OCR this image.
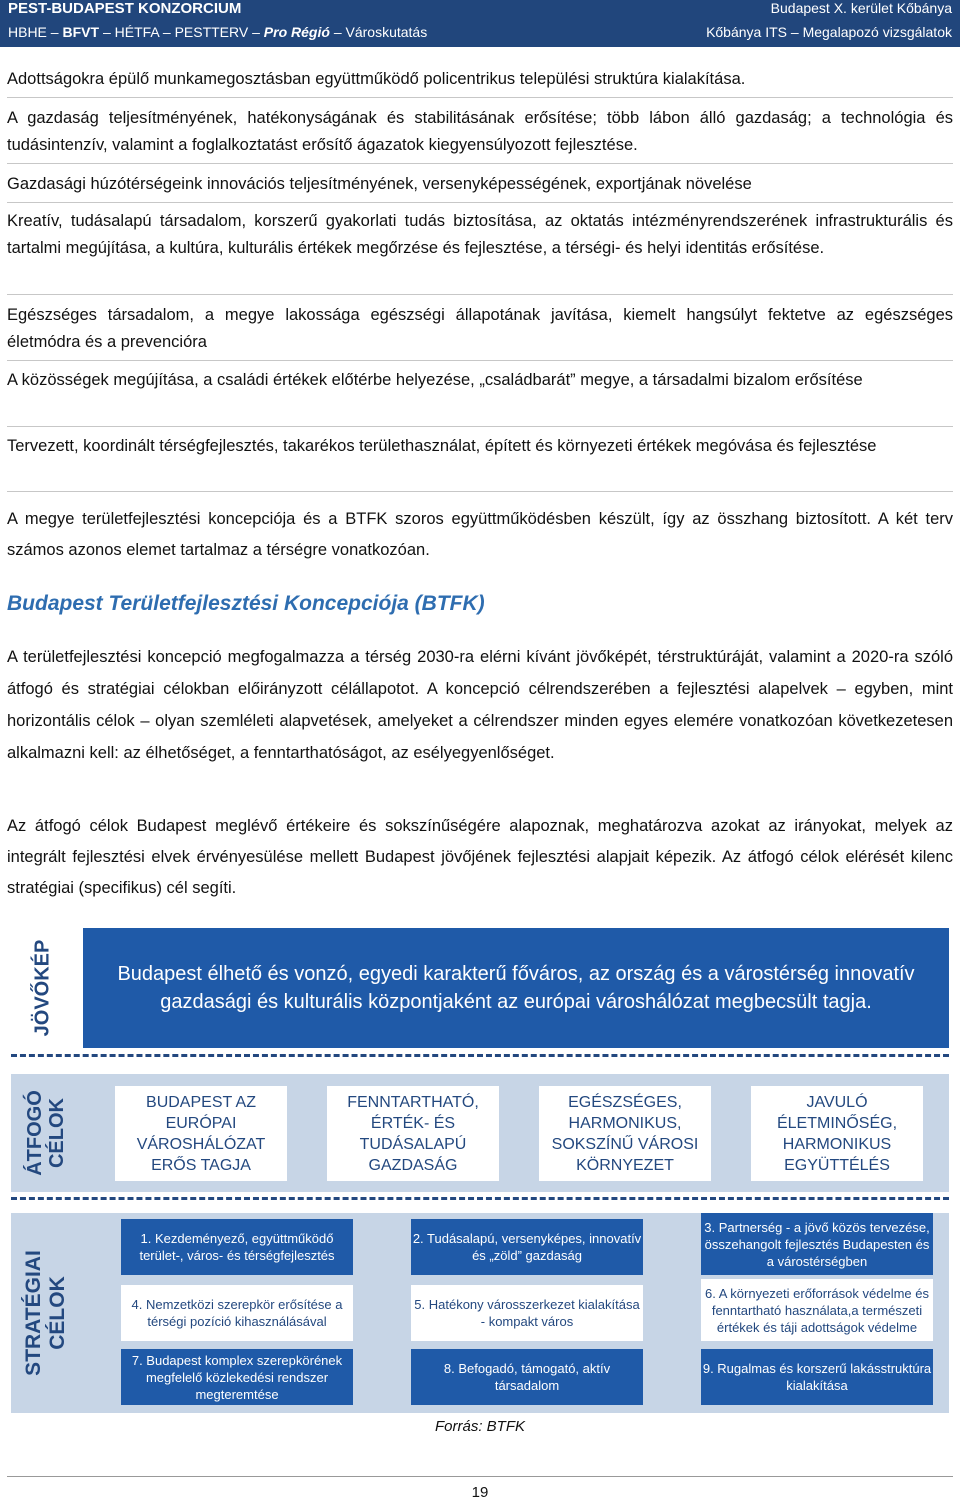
PEST-BUDAPEST KONZORCIUM	Budapest X. kerület Kőbánya
HBHE – BFVT – HÉTFA – PESTTERV – Pro Régió – Városkutatás	Kőbánya ITS – Megalapozó vizsgálatok

Adottságokra épülő munkamegosztásban együttműködő policentrikus települési struktúra kialakítása.

A gazdaság teljesítményének, hatékonyságának és stabilitásának erősítése; több lábon álló gazdaság; a technológia és tudásintenzív, valamint a foglalkoztatást erősítő ágazatok kiegyensúlyozott fejlesztése.

Gazdasági húzótérségeink innovációs teljesítményének, versenyképességének, exportjának növelése

Kreatív, tudásalapú társadalom, korszerű gyakorlati tudás biztosítása, az oktatás intézményrendszerének infrastrukturális és tartalmi megújítása, a kultúra, kulturális értékek megőrzése és fejlesztése, a térségi- és helyi identitás erősítése.

Egészséges társadalom, a megye lakossága egészségi állapotának javítása, kiemelt hangsúlyt fektetve az egészséges életmódra és a prevencióra

A közösségek megújítása, a családi értékek előtérbe helyezése, „családbarát” megye, a társadalmi bizalom erősítése

Tervezett, koordinált térségfejlesztés, takarékos területhasználat, épített és környezeti értékek megóvása és fejlesztése

A megye területfejlesztési koncepciója és a BTFK szoros együttműködésben készült, így az összhang biztosított. A két terv számos azonos elemet tartalmaz a térségre vonatkozóan.

Budapest Területfejlesztési Koncepciója (BTFK)

A területfejlesztési koncepció megfogalmazza a térség 2030-ra elérni kívánt jövőképét, térstruktúráját, valamint a 2020-ra szóló átfogó és stratégiai célokban előirányzott célállapotot. A koncepció célrendszerében a fejlesztési alapelvek – egyben, mint horizontális célok – olyan szemléleti alapvetések, amelyeket a célrendszer minden egyes elemére vonatkozóan következetesen alkalmazni kell: az élhetőséget, a fenntarthatóságot, az esélyegyenlőséget.

Az átfogó célok Budapest meglévő értékeire és sokszínűségére alapoznak, meghatározva azokat az irányokat, melyek az integrált fejlesztési elvek érvényesülése mellett Budapest jövőjének fejlesztési alapjait képezik. Az átfogó célok elérését kilenc stratégiai (specifikus) cél segíti.

JÖVŐKÉP	Budapest élhető és vonzó, egyedi karakterű főváros, az ország és a várostérség innovatív gazdasági és kulturális központjaként az európai városhálózat megbecsült tagja.
ÁTFOGÓ CÉLOK	BUDAPEST AZ EURÓPAI VÁROSHÁLÓZAT ERŐS TAGJA
FENNTARTHATÓ, ÉRTÉK- ÉS TUDÁSALAPÚ GAZDASÁG
EGÉSZSÉGES, HARMONIKUS, SOKSZÍNŰ VÁROSI KÖRNYEZET
JAVULÓ ÉLETMINŐSÉG, HARMONIKUS EGYÜTTÉLÉS
STRATÉGIAI CÉLOK
1. Kezdeményező, együttműködő terület-, város- és térségfejlesztés
2. Tudásalapú, versenyképes, innovatív és „zöld” gazdaság
3. Partnerség - a jövő közös tervezése, összehangolt fejlesztés Budapesten és a várostérségben
4. Nemzetközi szerepkör erősítése a térségi pozíció kihasználásával
5. Hatékony városszerkezet kialakítása - kompakt város
6. A környezeti erőforrások védelme és fenntartható használata,a természeti értékek és táji adottságok védelme
7. Budapest komplex szerepkörének megfelelő közlekedési rendszer megteremtése
8. Befogadó, támogató, aktív társadalom
9. Rugalmas és korszerű lakásstruktúra kialakítása
Forrás: BTFK
19
